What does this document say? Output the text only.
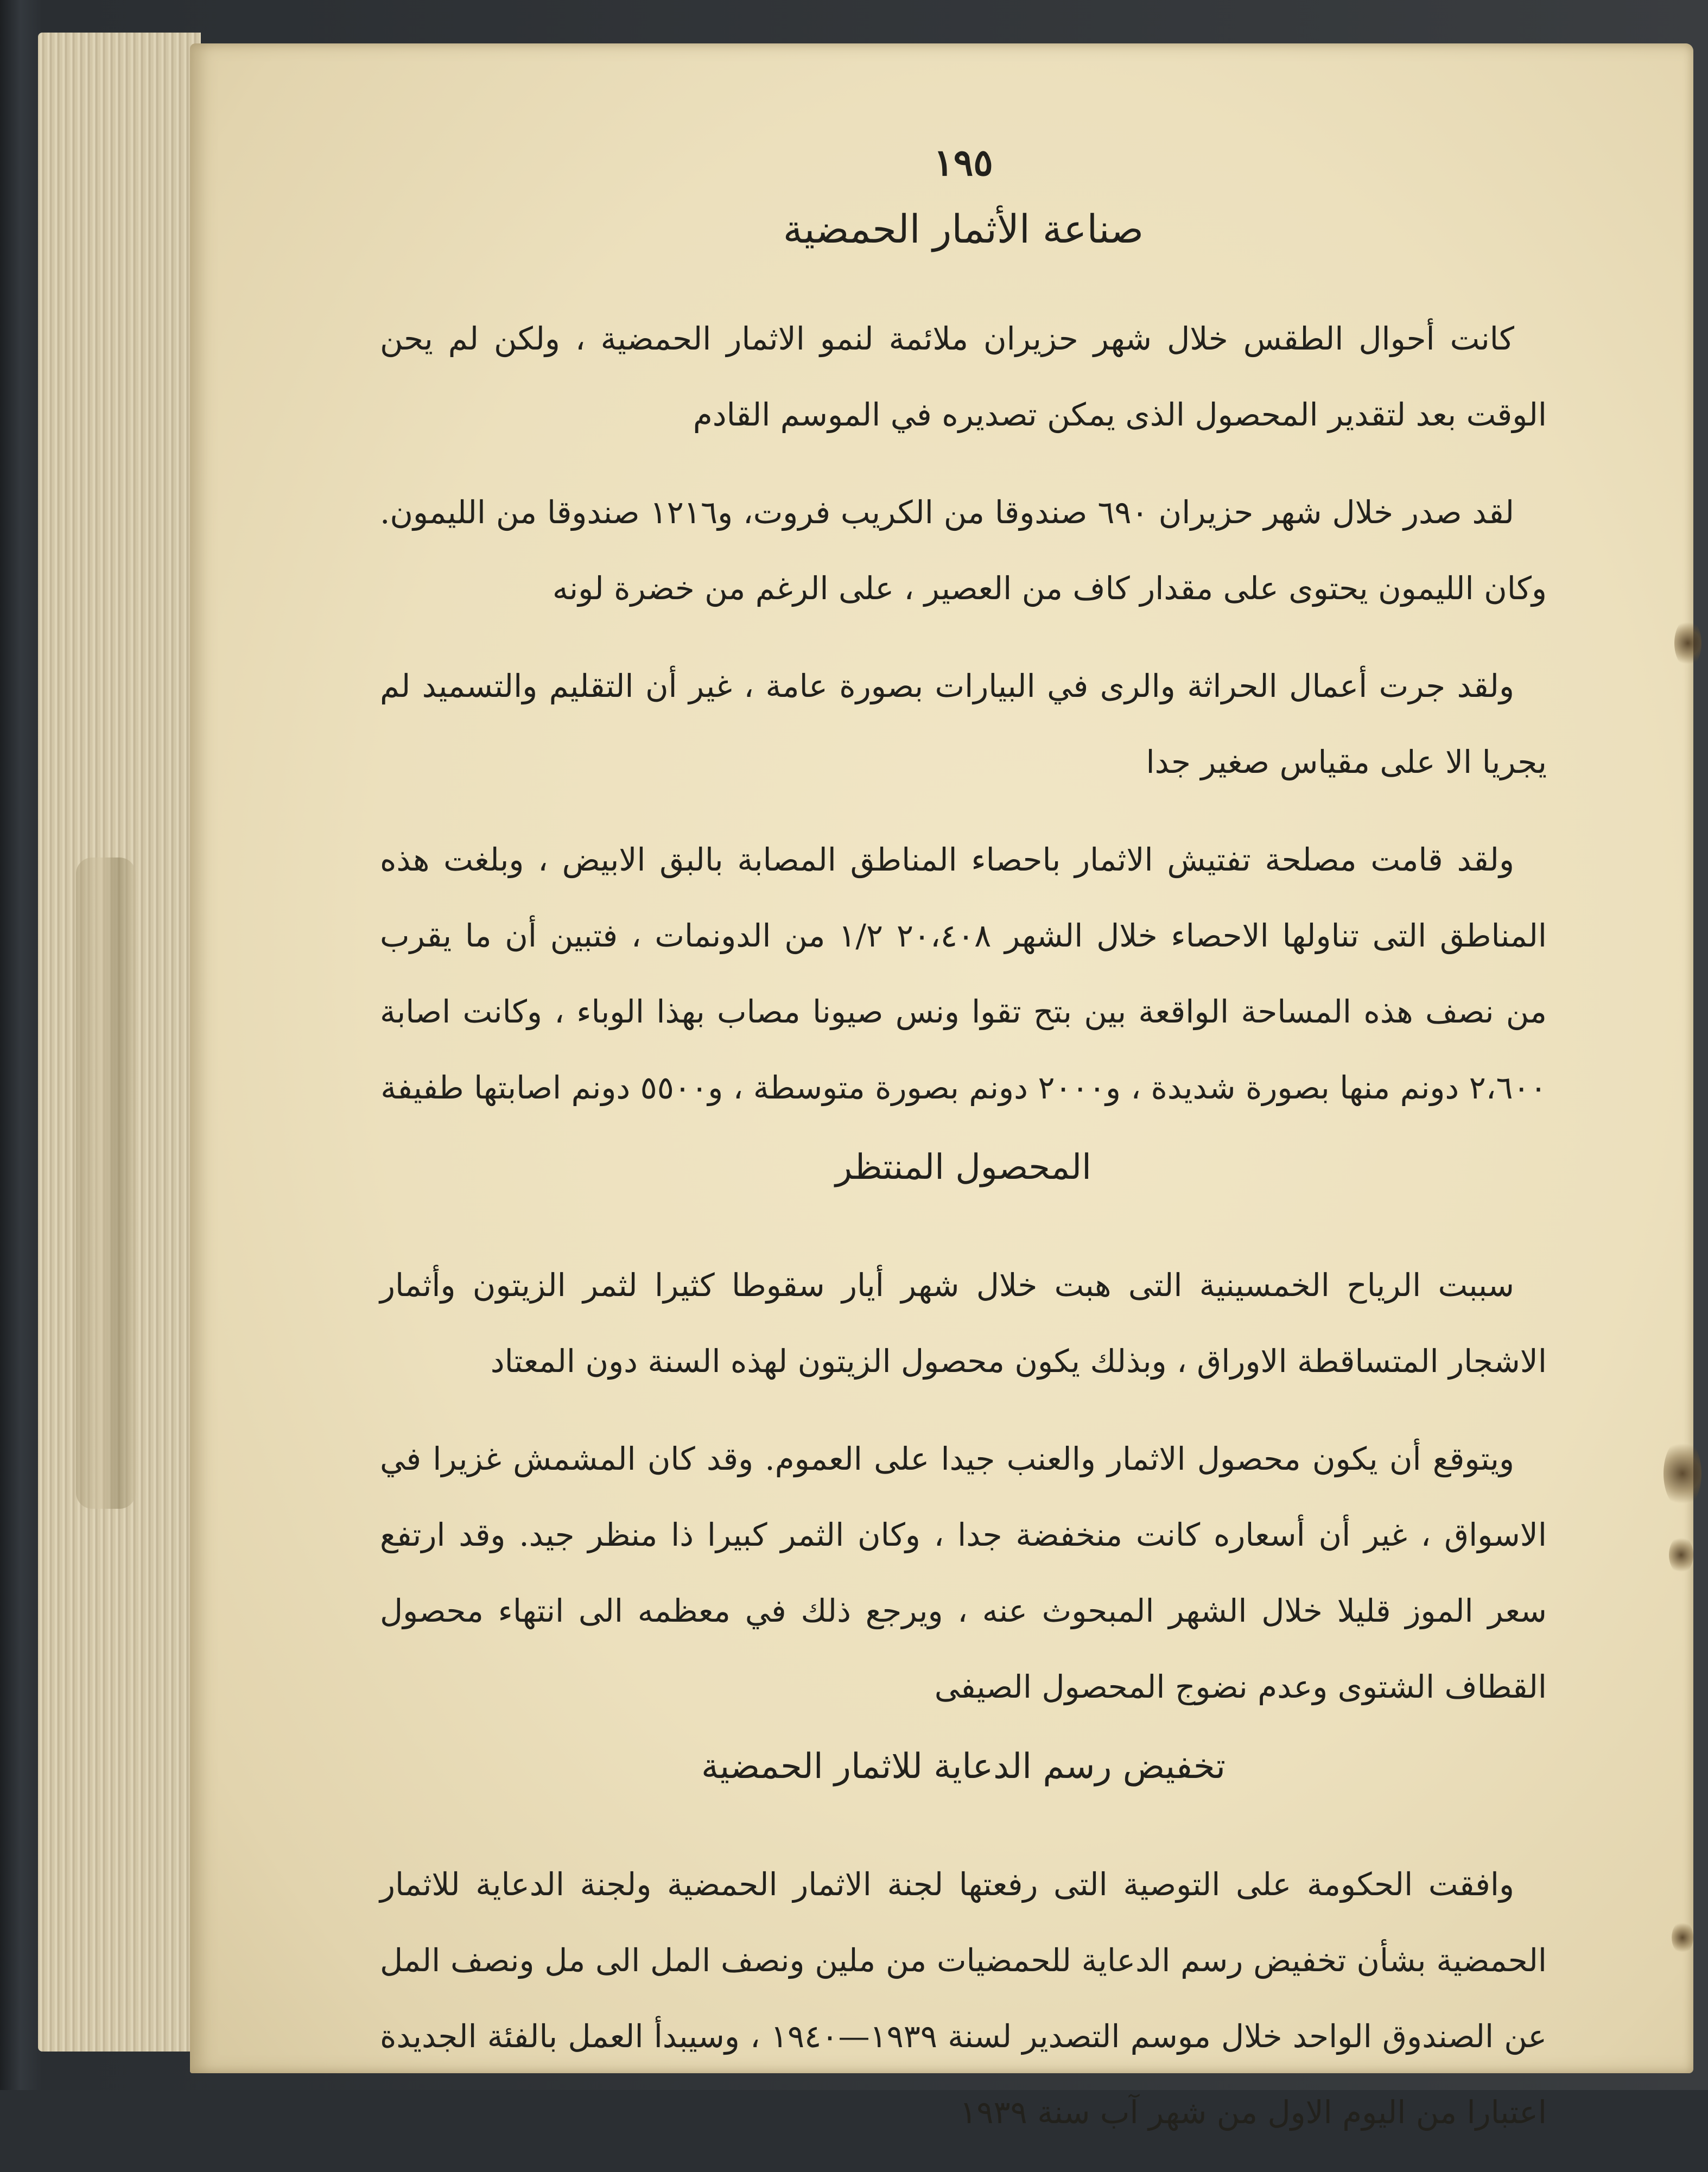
١٩٥
صناعة الأثمار الحمضية

كانت أحوال الطقس خلال شهر حزيران ملائمة لنمو الاثمار الحمضية ، ولكن لم يحن الوقت بعد لتقدير المحصول الذى يمكن تصديره في الموسم القادم

لقد صدر خلال شهر حزيران ٦٩٠ صندوقا من الكريب فروت، و١٢١٦ صندوقا من الليمون. وكان الليمون يحتوى على مقدار كاف من العصير ، على الرغم من خضرة لونه

ولقد جرت أعمال الحراثة والرى في البيارات بصورة عامة ، غير أن التقليم والتسميد لم يجريا الا على مقياس صغير جدا

ولقد قامت مصلحة تفتيش الاثمار باحصاء المناطق المصابة بالبق الابيض ، وبلغت هذه المناطق التى تناولها الاحصاء خلال الشهر ٢٠،٤٠٨ ١/٢ من الدونمات ، فتبين أن ما يقرب من نصف هذه المساحة الواقعة بين بتح تقوا ونس صيونا مصاب بهذا الوباء ، وكانت اصابة ٢،٦٠٠ دونم منها بصورة شديدة ، و٢٠٠٠ دونم بصورة متوسطة ، و٥٥٠٠ دونم اصابتها طفيفة

المحصول المنتظر

سببت الرياح الخمسينية التى هبت خلال شهر أيار سقوطا كثيرا لثمر الزيتون وأثمار الاشجار المتساقطة الاوراق ، وبذلك يكون محصول الزيتون لهذه السنة دون المعتاد

ويتوقع أن يكون محصول الاثمار والعنب جيدا على العموم. وقد كان المشمش غزيرا في الاسواق ، غير أن أسعاره كانت منخفضة جدا ، وكان الثمر كبيرا ذا منظر جيد. وقد ارتفع سعر الموز قليلا خلال الشهر المبحوث عنه ، ويرجع ذلك في معظمه الى انتهاء محصول القطاف الشتوى وعدم نضوج المحصول الصيفى

تخفيض رسم الدعاية للاثمار الحمضية

وافقت الحكومة على التوصية التى رفعتها لجنة الاثمار الحمضية ولجنة الدعاية للاثمار الحمضية بشأن تخفيض رسم الدعاية للحمضيات من ملين ونصف المل الى مل ونصف المل عن الصندوق الواحد خلال موسم التصدير لسنة ١٩٣٩—١٩٤٠ ، وسيبدأ العمل بالفئة الجديدة اعتبارا من اليوم الاول من شهر آب سنة ١٩٣٩
